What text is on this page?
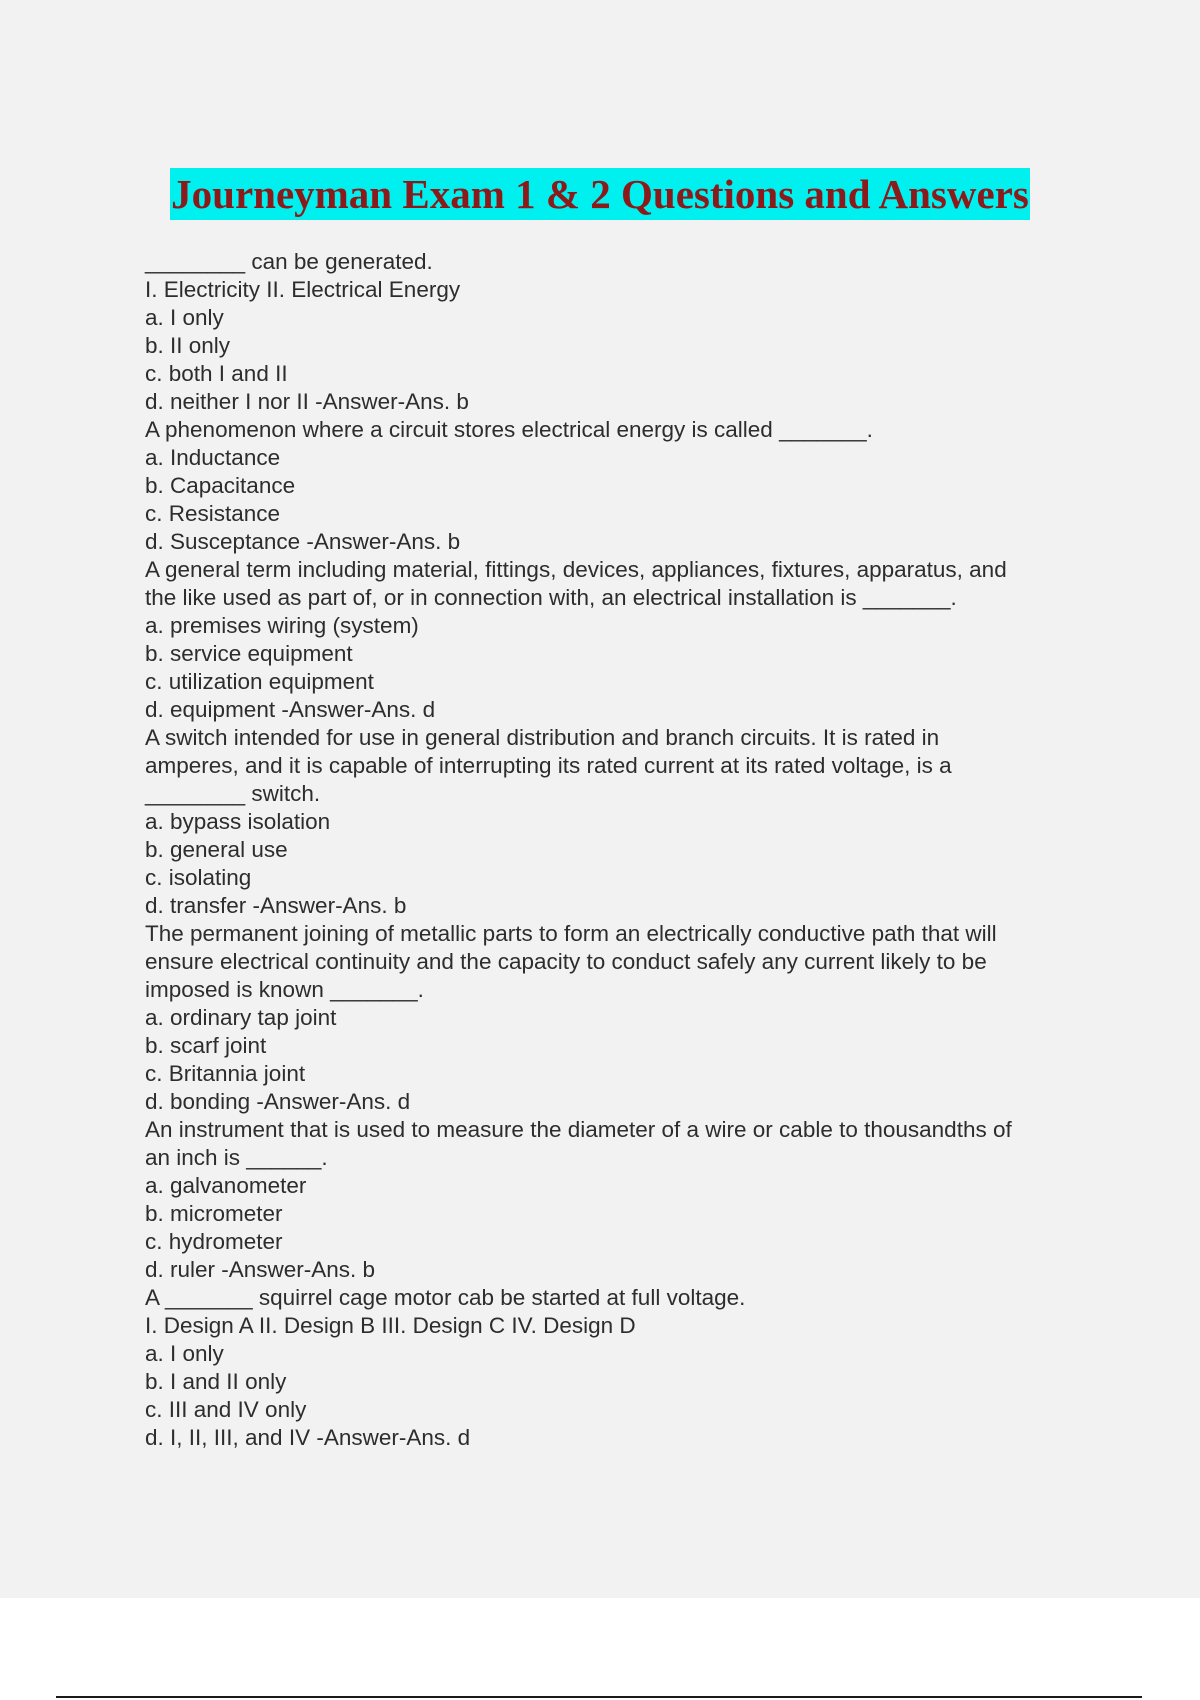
Journeyman Exam 1 & 2 Questions and Answers
________ can be generated.
I. Electricity II. Electrical Energy
a. I only
b. II only
c. both I and II
d. neither I nor II -Answer-Ans. b
A phenomenon where a circuit stores electrical energy is called _______.
a. Inductance
b. Capacitance
c. Resistance
d. Susceptance -Answer-Ans. b
A general term including material, fittings, devices, appliances, fixtures, apparatus, and
the like used as part of, or in connection with, an electrical installation is _______.
a. premises wiring (system)
b. service equipment
c. utilization equipment
d. equipment -Answer-Ans. d
A switch intended for use in general distribution and branch circuits. It is rated in
amperes, and it is capable of interrupting its rated current at its rated voltage, is a
________ switch.
a. bypass isolation
b. general use
c. isolating
d. transfer -Answer-Ans. b
The permanent joining of metallic parts to form an electrically conductive path that will
ensure electrical continuity and the capacity to conduct safely any current likely to be
imposed is known _______.
a. ordinary tap joint
b. scarf joint
c. Britannia joint
d. bonding -Answer-Ans. d
An instrument that is used to measure the diameter of a wire or cable to thousandths of
an inch is ______.
a. galvanometer
b. micrometer
c. hydrometer
d. ruler -Answer-Ans. b
A _______ squirrel cage motor cab be started at full voltage.
I. Design A II. Design B III. Design C IV. Design D
a. I only
b. I and II only
c. III and IV only
d. I, II, III, and IV -Answer-Ans. d
